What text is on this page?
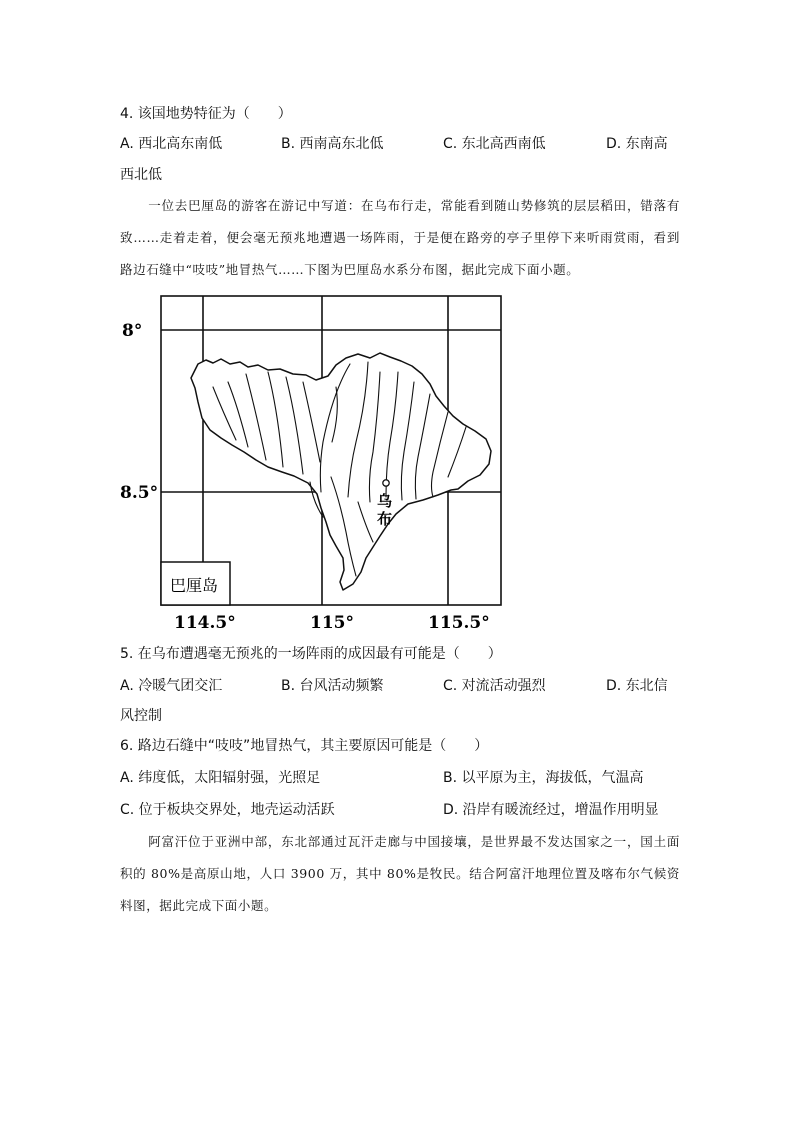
4. 该国地势特征为（　　）
A. 西北高东南低	B. 西南高东北低	C. 东北高西南低	D. 东南高
西北低
一位去巴厘岛的游客在游记中写道：在乌布行走，常能看到随山势修筑的层层稻田，错落有致……走着走着，便会毫无预兆地遭遇一场阵雨，于是便在路旁的亭子里停下来听雨赏雨，看到路边石缝中“吱吱”地冒热气……下图为巴厘岛水系分布图，据此完成下面小题。
8°
8.5°
114.5°	115°	115.5°
乌
布
巴厘岛
5. 在乌布遭遇毫无预兆的一场阵雨的成因最有可能是（　　）
A. 冷暖气团交汇	B. 台风活动频繁	C. 对流活动强烈	D. 东北信
风控制
6. 路边石缝中“吱吱”地冒热气，其主要原因可能是（　　）
A. 纬度低，太阳辐射强，光照足	B. 以平原为主，海拔低，气温高
C. 位于板块交界处，地壳运动活跃	D. 沿岸有暖流经过，增温作用明显
阿富汗位于亚洲中部，东北部通过瓦汗走廊与中国接壤，是世界最不发达国家之一，国土面积的 80%是高原山地，人口 3900 万，其中 80%是牧民。结合阿富汗地理位置及喀布尔气候资料图，据此完成下面小题。
